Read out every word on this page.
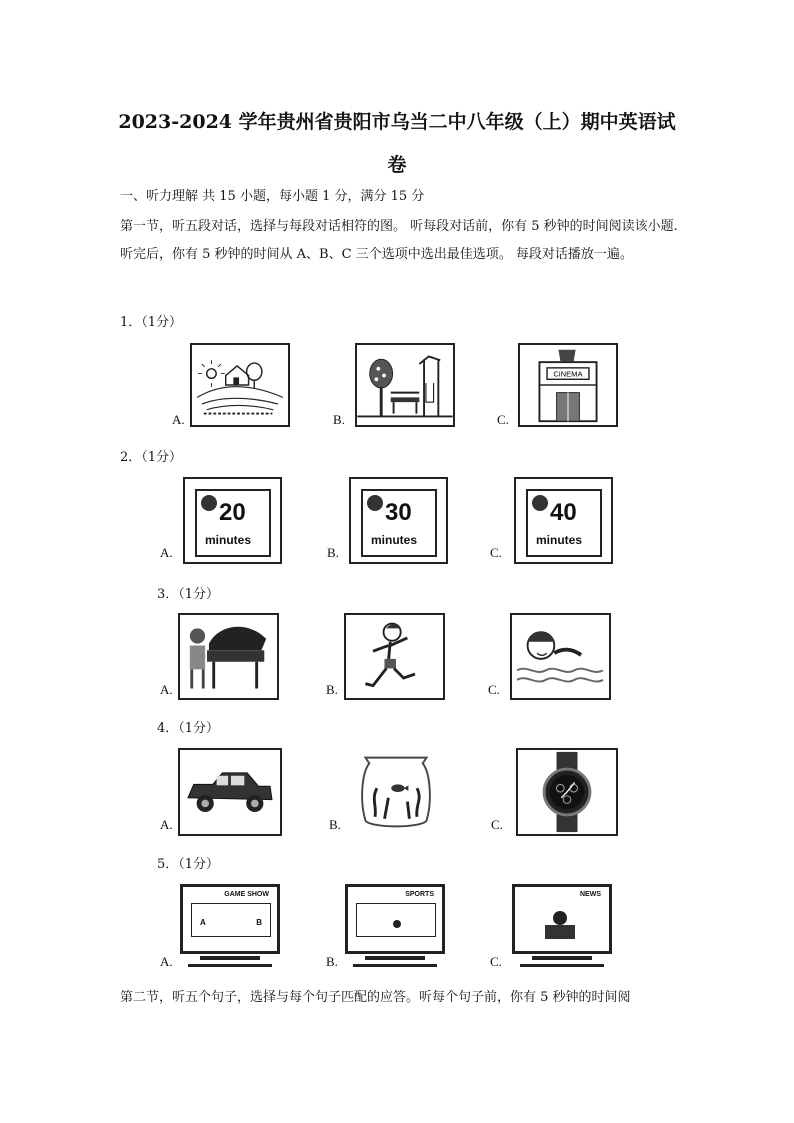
2023-2024 学年贵州省贵阳市乌当二中八年级（上）期中英语试
卷
一、听力理解 共 15 小题，每小题 1 分，满分 15 分
第一节，听五段对话，选择与每段对话相符的图。 听每段对话前，你有 5 秒钟的时间阅读该小题. 听完后，你有 5 秒钟的时间从 A、B、C 三个选项中选出最佳选项。 每段对话播放一遍。
1．（1分）
A.	B.	C.
CiNEMA
2．（1分）
A.
20
minutes
B.
30
minutes
C.
40
minutes
3．（1分）
A.	B.	C.
4．（1分）
A.	B.	C.
5．（1分）
A.
GAME SHOW
A	B
B.
SPORTS
C.
NEWS
第二节，听五个句子，选择与每个句子匹配的应答。听每个句子前，你有 5 秒钟的时间阅
